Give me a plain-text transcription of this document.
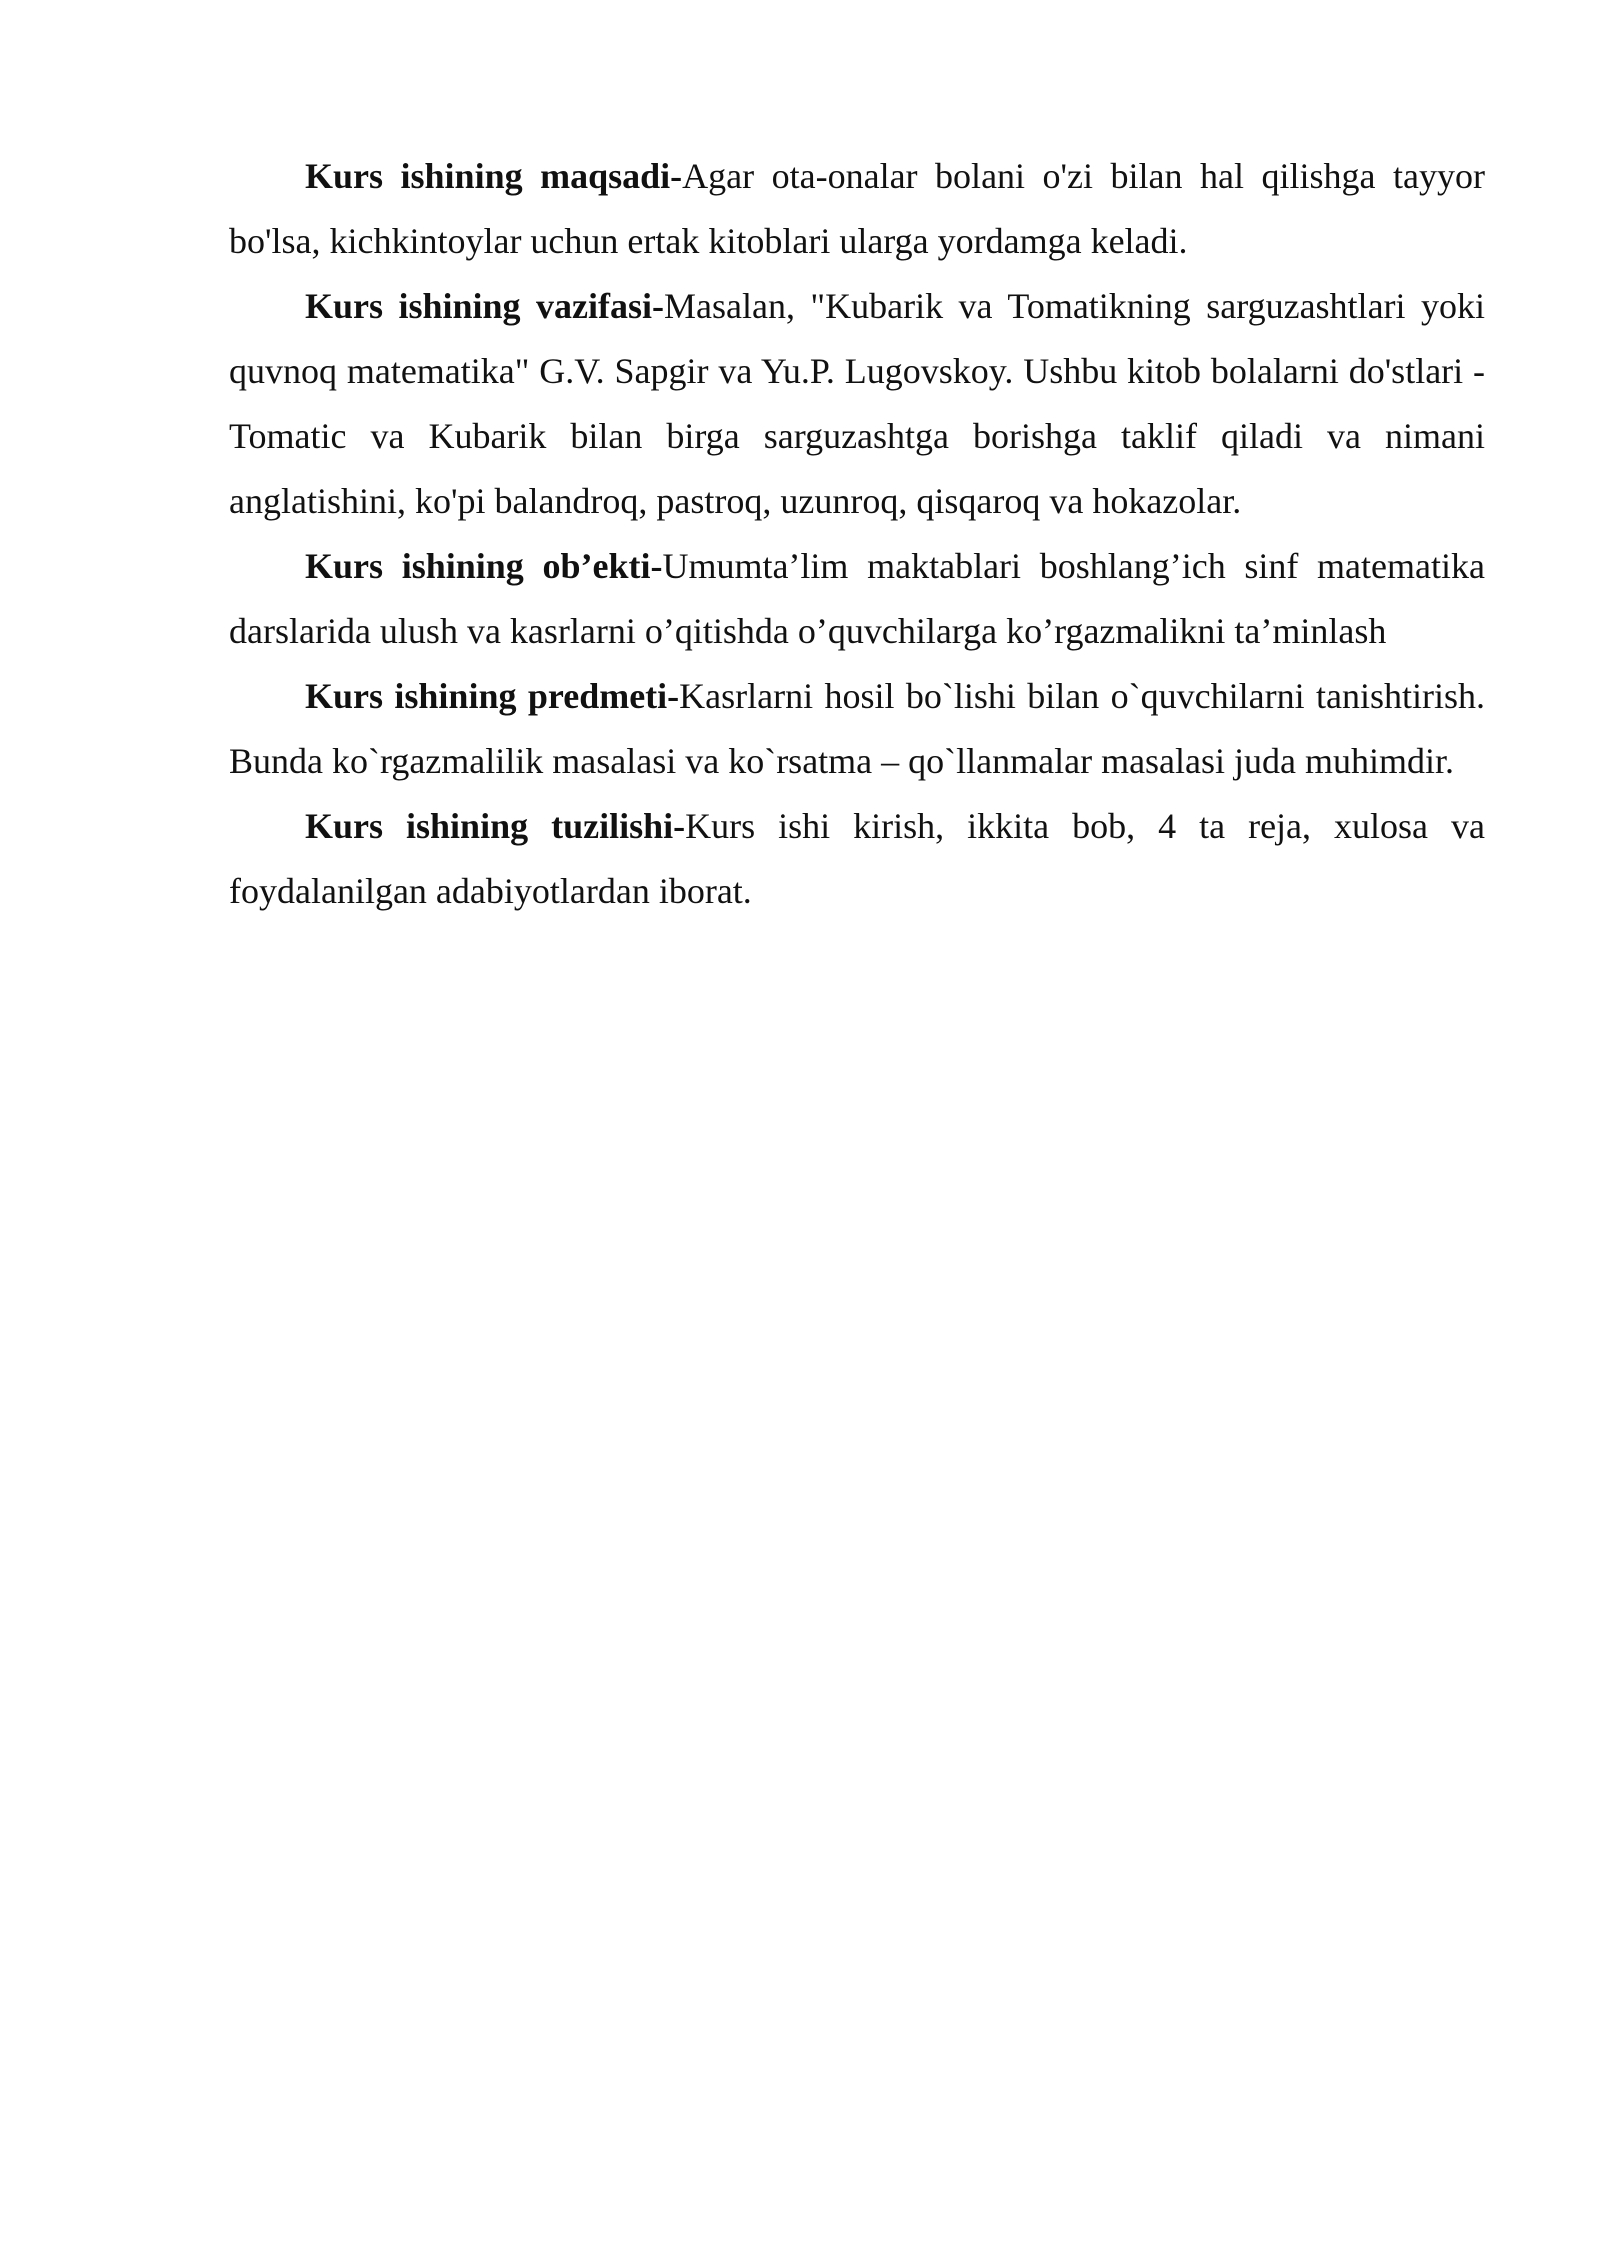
Kurs ishining maqsadi-Agar ota-onalar bolani o'zi bilan hal qilishga tayyor bo'lsa, kichkintoylar uchun ertak kitoblari ularga yordamga keladi.

Kurs ishining vazifasi-Masalan, "Kubarik va Tomatikning sarguzashtlari yoki quvnoq matematika" G.V. Sapgir va Yu.P. Lugovskoy. Ushbu kitob bolalarni do'stlari - Tomatic va Kubarik bilan birga sarguzashtga borishga taklif qiladi va nimani anglatishini, ko'pi balandroq, pastroq, uzunroq, qisqaroq va hokazolar.

Kurs ishining ob’ekti-Umumta’lim maktablari boshlang’ich sinf matematika darslarida ulush va kasrlarni o’qitishda o’quvchilarga ko’rgazmalikni ta’minlash

Kurs ishining predmeti-Kasrlarni hosil bo`lishi bilan o`quvchilarni tanishtirish. Bunda ko`rgazmalilik masalasi va ko`rsatma – qo`llanmalar masalasi juda muhimdir.

Kurs ishining tuzilishi-Kurs ishi kirish, ikkita bob, 4 ta reja, xulosa va foydalanilgan adabiyotlardan iborat.
